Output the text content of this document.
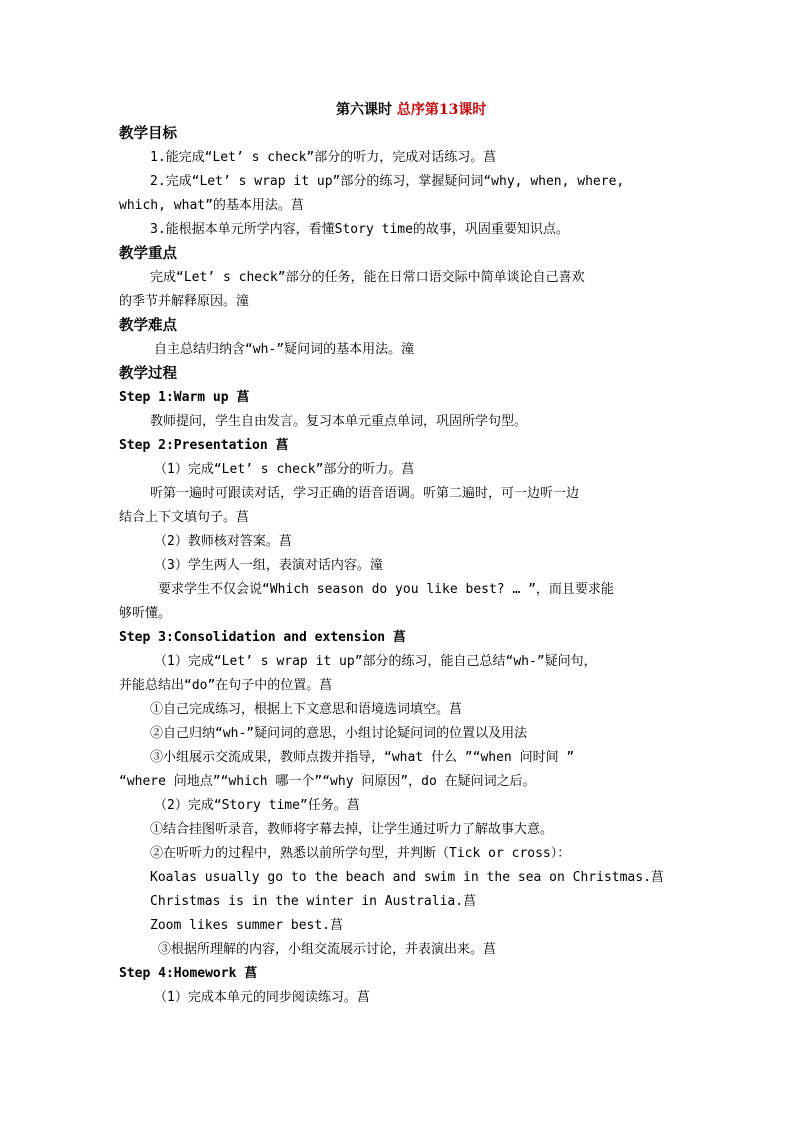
第六课时 总序第13课时
教学目标
1.能完成“Let’ s check”部分的听力，完成对话练习。菖
2.完成“Let’ s wrap it up”部分的练习，掌握疑问词“why, when, where,
which, what”的基本用法。菖
3.能根据本单元所学内容，看懂Story time的故事，巩固重要知识点。
教学重点
完成“Let’ s check”部分的任务，能在日常口语交际中简单谈论自己喜欢
的季节并解释原因。潼
教学难点
自主总结归纳含“wh-”疑问词的基本用法。潼
教学过程
Step 1:Warm up 菖
教师提问，学生自由发言。复习本单元重点单词，巩固所学句型。
Step 2:Presentation 菖
（1）完成“Let’ s check”部分的听力。菖
听第一遍时可跟读对话，学习正确的语音语调。听第二遍时，可一边听一边
结合上下文填句子。菖
（2）教师核对答案。菖
（3）学生两人一组，表演对话内容。潼
要求学生不仅会说“Which season do you like best? … ”，而且要求能
够听懂。
Step 3:Consolidation and extension 菖
（1）完成“Let’ s wrap it up”部分的练习，能自己总结“wh-”疑问句，
并能总结出“do”在句子中的位置。菖
①自己完成练习，根据上下文意思和语境选词填空。菖
②自己归纳“wh-”疑问词的意思，小组讨论疑问词的位置以及用法
③小组展示交流成果，教师点拨并指导，“what 什么 ”“when 问时间 ”
“where 问地点”“which 哪一个”“why 问原因”，do 在疑问词之后。
（2）完成“Story time”任务。菖
①结合挂图听录音，教师将字幕去掉，让学生通过听力了解故事大意。
②在听听力的过程中，熟悉以前所学句型，并判断（Tick or cross）：
Koalas usually go to the beach and swim in the sea on Christmas.菖
Christmas is in the winter in Australia.菖
Zoom likes summer best.菖
③根据所理解的内容，小组交流展示讨论，并表演出来。菖
Step 4:Homework 菖
（1）完成本单元的同步阅读练习。菖
